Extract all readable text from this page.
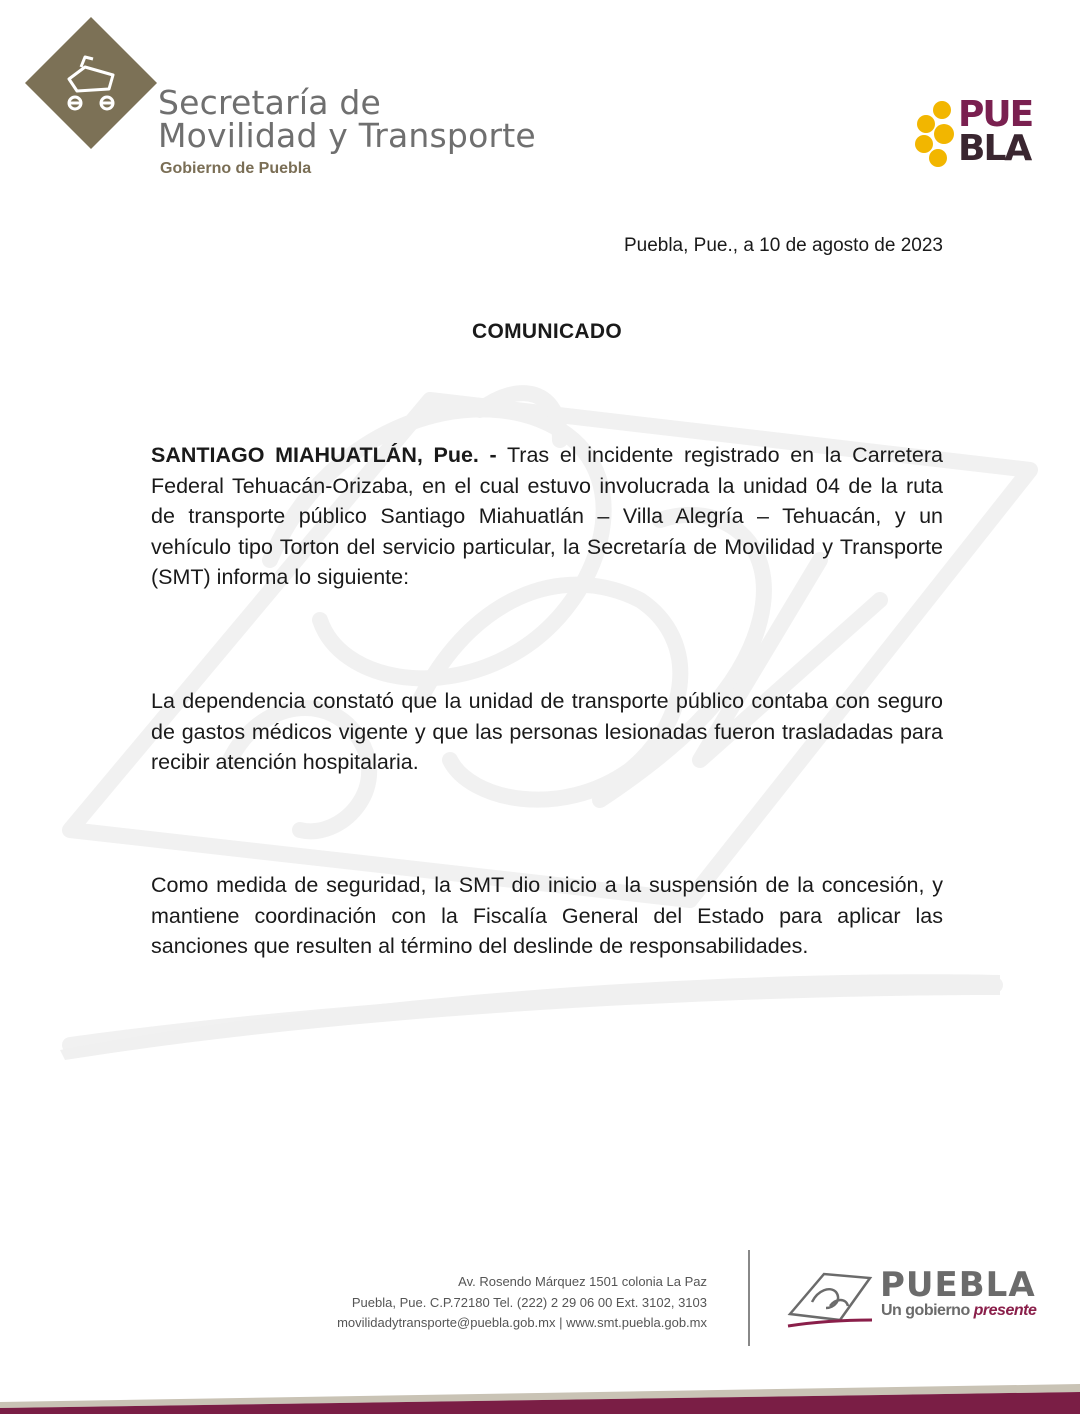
Secretaría de
Movilidad y Transporte
Gobierno de Puebla
PUE
BLA
Puebla, Pue., a 10 de agosto de 2023
COMUNICADO
SANTIAGO MIAHUATLÁN, Pue. - Tras el incidente registrado en la Carretera Federal Tehuacán-Orizaba, en el cual estuvo involucrada la unidad 04 de la ruta de transporte público Santiago Miahuatlán – Villa Alegría – Tehuacán, y un vehículo tipo Torton del servicio particular, la Secretaría de Movilidad y Transporte (SMT) informa lo siguiente:
La dependencia constató que la unidad de transporte público contaba con seguro de gastos médicos vigente y que las personas lesionadas fueron trasladadas para recibir atención hospitalaria.
Como medida de seguridad, la SMT dio inicio a la suspensión de la concesión, y mantiene coordinación con la Fiscalía General del Estado para aplicar las sanciones que resulten al término del deslinde de responsabilidades.
Av. Rosendo Márquez 1501 colonia La Paz
Puebla, Pue. C.P.72180 Tel. (222) 2 29 06 00 Ext. 3102, 3103
movilidadytransporte@puebla.gob.mx | www.smt.puebla.gob.mx
PUEBLA
Un gobierno presente
